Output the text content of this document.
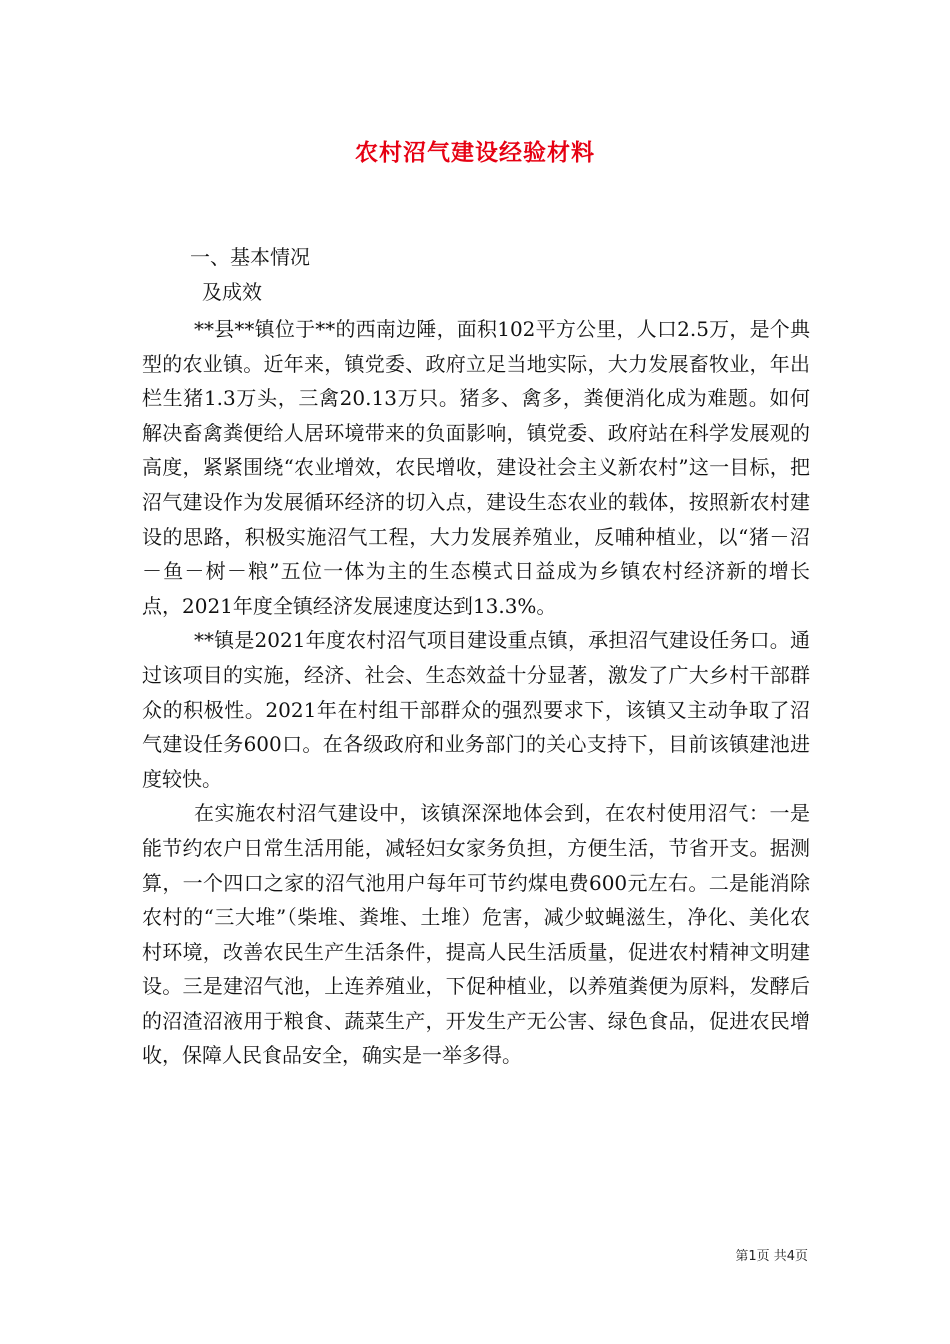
农村沼气建设经验材料
一、基本情况
及成效

**县**镇位于**的西南边陲，面积102平方公里，人口2.5万，是个典型的农业镇。近年来，镇党委、政府立足当地实际，大力发展畜牧业，年出栏生猪1.3万头，三禽20.13万只。猪多、禽多，粪便消化成为难题。如何解决畜禽粪便给人居环境带来的负面影响，镇党委、政府站在科学发展观的高度，紧紧围绕“农业增效，农民增收，建设社会主义新农村”这一目标，把沼气建设作为发展循环经济的切入点，建设生态农业的载体，按照新农村建设的思路，积极实施沼气工程，大力发展养殖业，反哺种植业，以“猪－沼－鱼－树－粮”五位一体为主的生态模式日益成为乡镇农村经济新的增长点，2021年度全镇经济发展速度达到13.3%。

**镇是2021年度农村沼气项目建设重点镇，承担沼气建设任务口。通过该项目的实施，经济、社会、生态效益十分显著，激发了广大乡村干部群众的积极性。2021年在村组干部群众的强烈要求下，该镇又主动争取了沼气建设任务600口。在各级政府和业务部门的关心支持下，目前该镇建池进度较快。

在实施农村沼气建设中，该镇深深地体会到，在农村使用沼气：一是能节约农户日常生活用能，减轻妇女家务负担，方便生活，节省开支。据测算，一个四口之家的沼气池用户每年可节约煤电费600元左右。二是能消除农村的“三大堆”（柴堆、粪堆、土堆）危害，减少蚊蝇滋生，净化、美化农村环境，改善农民生产生活条件，提高人民生活质量，促进农村精神文明建设。三是建沼气池，上连养殖业，下促种植业，以养殖粪便为原料，发酵后的沼渣沼液用于粮食、蔬菜生产，开发生产无公害、绿色食品，促进农民增收，保障人民食品安全，确实是一举多得。

第1页 共4页
